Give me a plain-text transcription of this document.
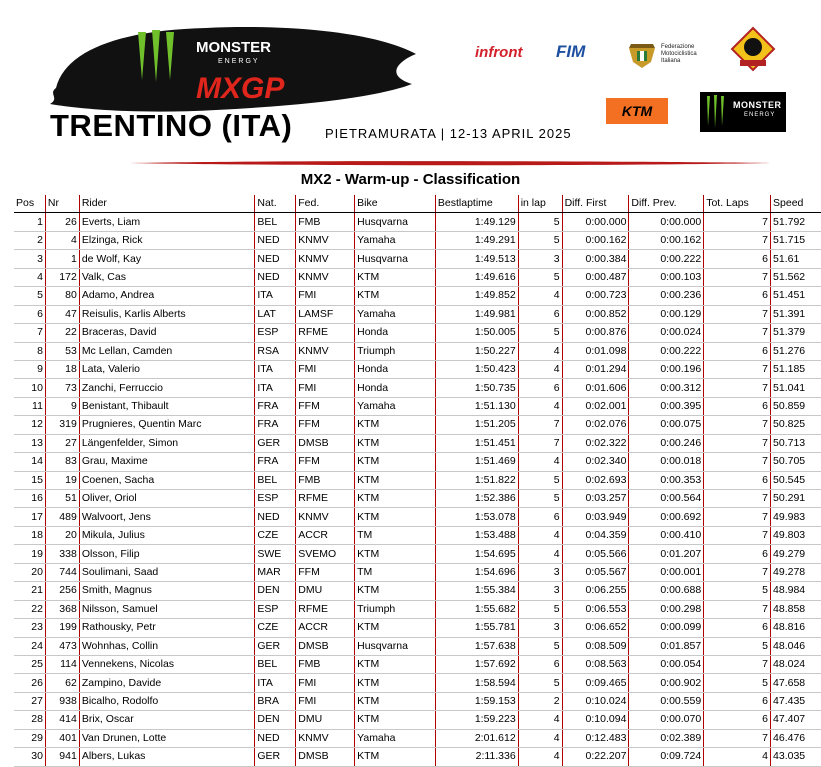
MONSTER
ENERGY
MXGP
TRENTINO (ITA)	PIETRAMURATA | 12-13 APRIL 2025
infront FIM	Federazione Motociclistica Italiana
KTM	MONSTER
ENERGY
MX2 - Warm-up - Classification
Pos	Nr	Rider	Nat.	Fed.	Bike	Bestlaptime	in lap	Diff. First	Diff. Prev.	Tot. Laps	Speed
1	26	Everts, Liam	BEL	FMB	Husqvarna	1:49.129	5	0:00.000	0:00.000	7	51.792
2	4	Elzinga, Rick	NED	KNMV	Yamaha	1:49.291	5	0:00.162	0:00.162	7	51.715
3	1	de Wolf, Kay	NED	KNMV	Husqvarna	1:49.513	3	0:00.384	0:00.222	6	51.61
4	172	Valk, Cas	NED	KNMV	KTM	1:49.616	5	0:00.487	0:00.103	7	51.562
5	80	Adamo, Andrea	ITA	FMI	KTM	1:49.852	4	0:00.723	0:00.236	6	51.451
6	47	Reisulis, Karlis Alberts	LAT	LAMSF	Yamaha	1:49.981	6	0:00.852	0:00.129	7	51.391
7	22	Braceras, David	ESP	RFME	Honda	1:50.005	5	0:00.876	0:00.024	7	51.379
8	53	Mc Lellan, Camden	RSA	KNMV	Triumph	1:50.227	4	0:01.098	0:00.222	6	51.276
9	18	Lata, Valerio	ITA	FMI	Honda	1:50.423	4	0:01.294	0:00.196	7	51.185
10	73	Zanchi, Ferruccio	ITA	FMI	Honda	1:50.735	6	0:01.606	0:00.312	7	51.041
11	9	Benistant, Thibault	FRA	FFM	Yamaha	1:51.130	4	0:02.001	0:00.395	6	50.859
12	319	Prugnieres, Quentin Marc	FRA	FFM	KTM	1:51.205	7	0:02.076	0:00.075	7	50.825
13	27	Längenfelder, Simon	GER	DMSB	KTM	1:51.451	7	0:02.322	0:00.246	7	50.713
14	83	Grau, Maxime	FRA	FFM	KTM	1:51.469	4	0:02.340	0:00.018	7	50.705
15	19	Coenen, Sacha	BEL	FMB	KTM	1:51.822	5	0:02.693	0:00.353	6	50.545
16	51	Oliver, Oriol	ESP	RFME	KTM	1:52.386	5	0:03.257	0:00.564	7	50.291
17	489	Walvoort, Jens	NED	KNMV	KTM	1:53.078	6	0:03.949	0:00.692	7	49.983
18	20	Mikula, Julius	CZE	ACCR	TM	1:53.488	4	0:04.359	0:00.410	7	49.803
19	338	Olsson, Filip	SWE	SVEMO	KTM	1:54.695	4	0:05.566	0:01.207	6	49.279
20	744	Soulimani, Saad	MAR	FFM	TM	1:54.696	3	0:05.567	0:00.001	7	49.278
21	256	Smith, Magnus	DEN	DMU	KTM	1:55.384	3	0:06.255	0:00.688	5	48.984
22	368	Nilsson, Samuel	ESP	RFME	Triumph	1:55.682	5	0:06.553	0:00.298	7	48.858
23	199	Rathousky, Petr	CZE	ACCR	KTM	1:55.781	3	0:06.652	0:00.099	6	48.816
24	473	Wohnhas, Collin	GER	DMSB	Husqvarna	1:57.638	5	0:08.509	0:01.857	5	48.046
25	114	Vennekens, Nicolas	BEL	FMB	KTM	1:57.692	6	0:08.563	0:00.054	7	48.024
26	62	Zampino, Davide	ITA	FMI	KTM	1:58.594	5	0:09.465	0:00.902	5	47.658
27	938	Bicalho, Rodolfo	BRA	FMI	KTM	1:59.153	2	0:10.024	0:00.559	6	47.435
28	414	Brix, Oscar	DEN	DMU	KTM	1:59.223	4	0:10.094	0:00.070	6	47.407
29	401	Van Drunen, Lotte	NED	KNMV	Yamaha	2:01.612	4	0:12.483	0:02.389	7	46.476
30	941	Albers, Lukas	GER	DMSB	KTM	2:11.336	4	0:22.207	0:09.724	4	43.035
